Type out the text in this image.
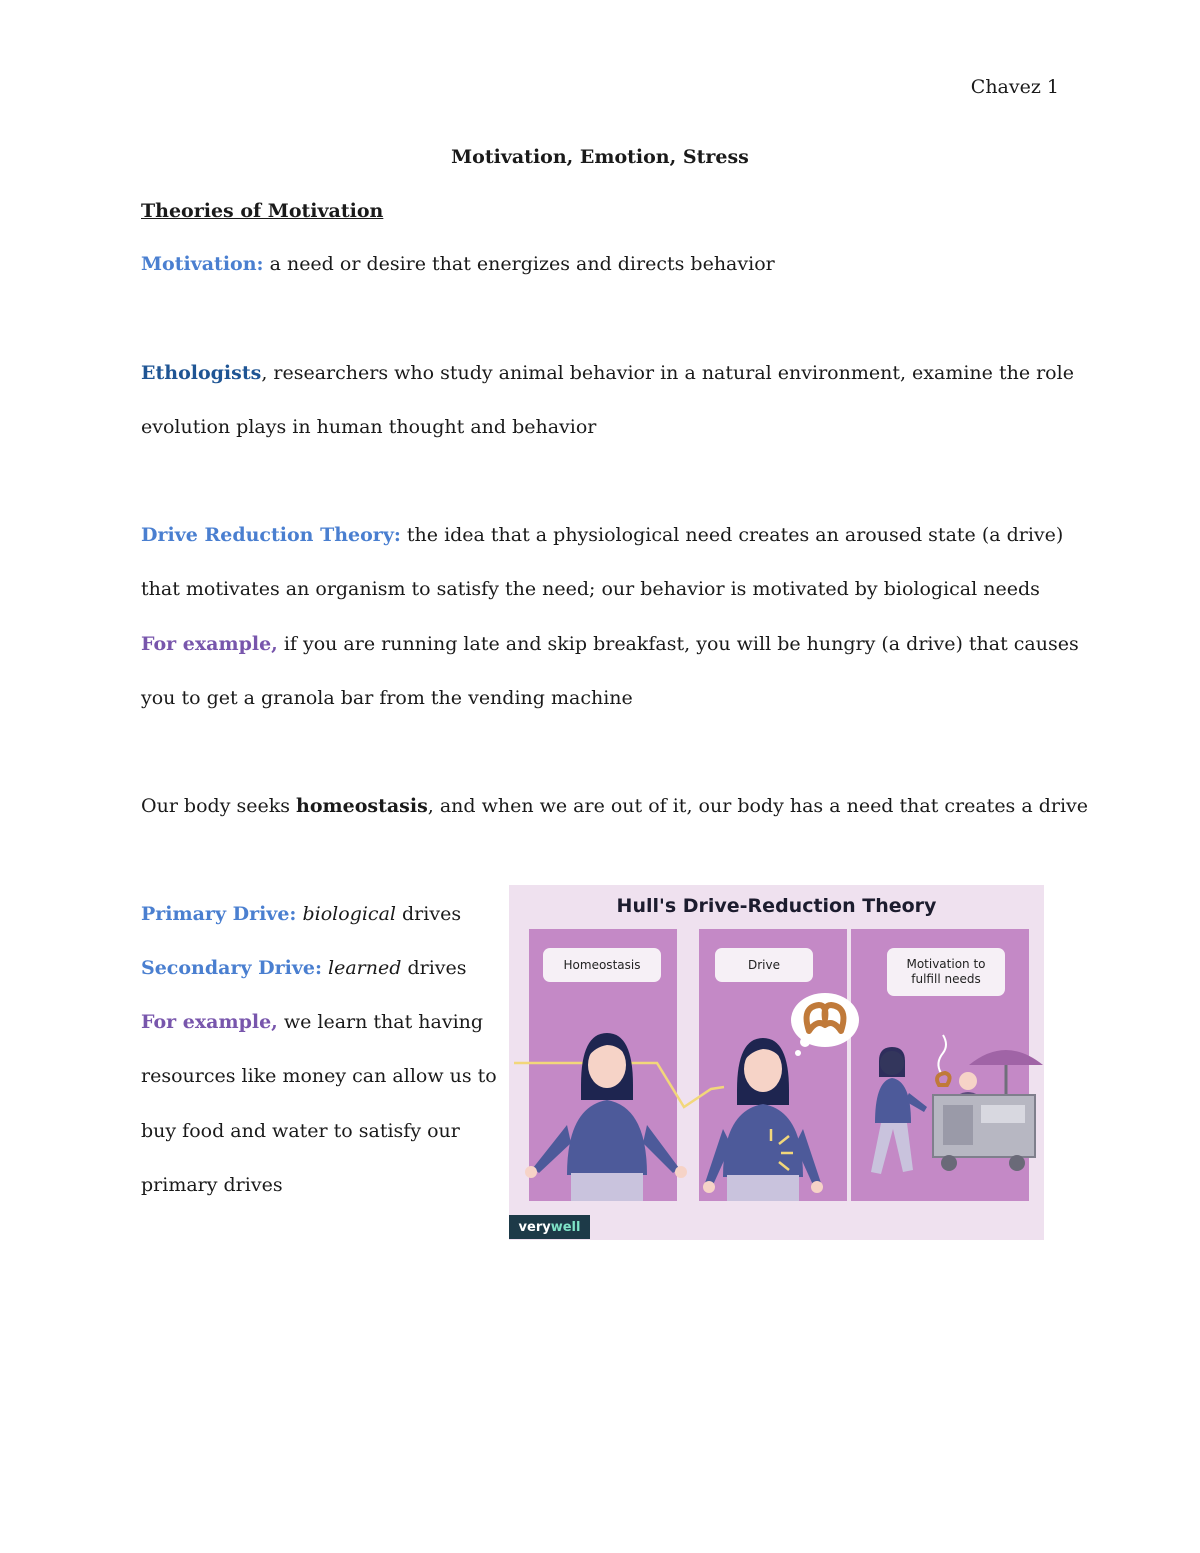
Chavez 1
Motivation, Emotion, Stress
Theories of Motivation
Motivation: a need or desire that energizes and directs behavior
Ethologists, researchers who study animal behavior in a natural environment, examine the role
evolution plays in human thought and behavior
Drive Reduction Theory: the idea that a physiological need creates an aroused state (a drive)
that motivates an organism to satisfy the need; our behavior is motivated by biological needs
For example, if you are running late and skip breakfast, you will be hungry (a drive) that causes
you to get a granola bar from the vending machine
Our body seeks homeostasis, and when we are out of it, our body has a need that creates a drive
Primary Drive: biological drives
Secondary Drive: learned drives
For example, we learn that having
resources like money can allow us to
buy food and water to satisfy our
primary drives
Hull's Drive-Reduction Theory
Homeostasis	Drive	Motivation to
fulfill needs
very well
